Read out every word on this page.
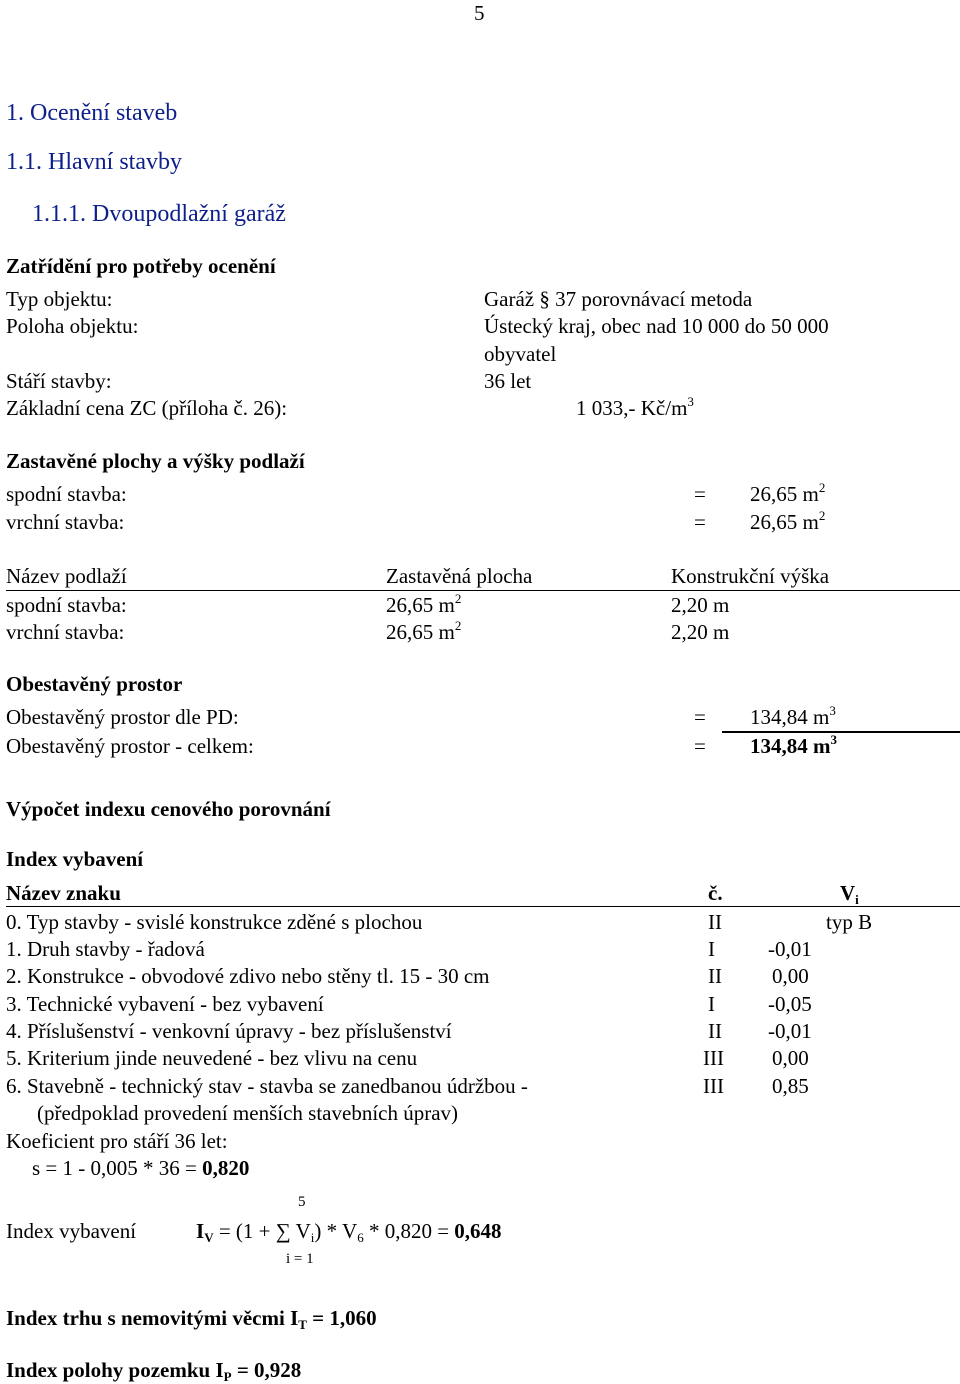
5
1. Ocenění staveb
1.1. Hlavní stavby
1.1.1. Dvoupodlažní garáž
Zatřídění pro potřeby ocenění
Typ objektu:	Garáž § 37 porovnávací metoda
Poloha objektu:	Ústecký kraj, obec nad 10 000 do 50 000
obyvatel
Stáří stavby:	36 let
Základní cena ZC (příloha č. 26):	1 033,- $Kč/m^3$
Zastavěné plochy a výšky podlaží
spodní stavba:	= 26,65 $m^2$
vrchní stavba:	= 26,65 $m^2$
Název podlaží	Zastavěná plocha	Konstrukční výška
spodní stavba:	26,65 $m^2$	2,20 m
vrchní stavba:	26,65 $m^2$	2,20 m
Obestavěný prostor
Obestavěný prostor dle PD:	= 134,84 $m^3$
Obestavěný prostor - celkem:	= 134,84 $m^3$
Výpočet indexu cenového porovnání
Index vybavení
Název znaku	č.	$V_i$
0. Typ stavby - svislé konstrukce zděné s plochou	II	typ B
1. Druh stavby - řadová	I	-0,01
2. Konstrukce - obvodové zdivo nebo stěny tl. 15 - 30 cm	II 0,00
3. Technické vybavení - bez vybavení	I	-0,05
4. Příslušenství - venkovní úpravy - bez příslušenství	II -0,01
5. Kriterium jinde neuvedené - bez vlivu na cenu	III 0,00
6. Stavebně - technický stav - stavba se zanedbanou údržbou -	III 0,85
(předpoklad provedení menších stavebních úprav)
Koeficient pro stáří 36 let:
s = 1 - 0,005 * 36 = 0,820
5
Index vybavení	$I_V = (1$ + ∑ $V_i) * V_6 * 0,820 = 0,648$
i = 1
Index trhu s nemovitými věcmi $I_T = 1,060$
Index polohy pozemku $I_P = 0,928$
